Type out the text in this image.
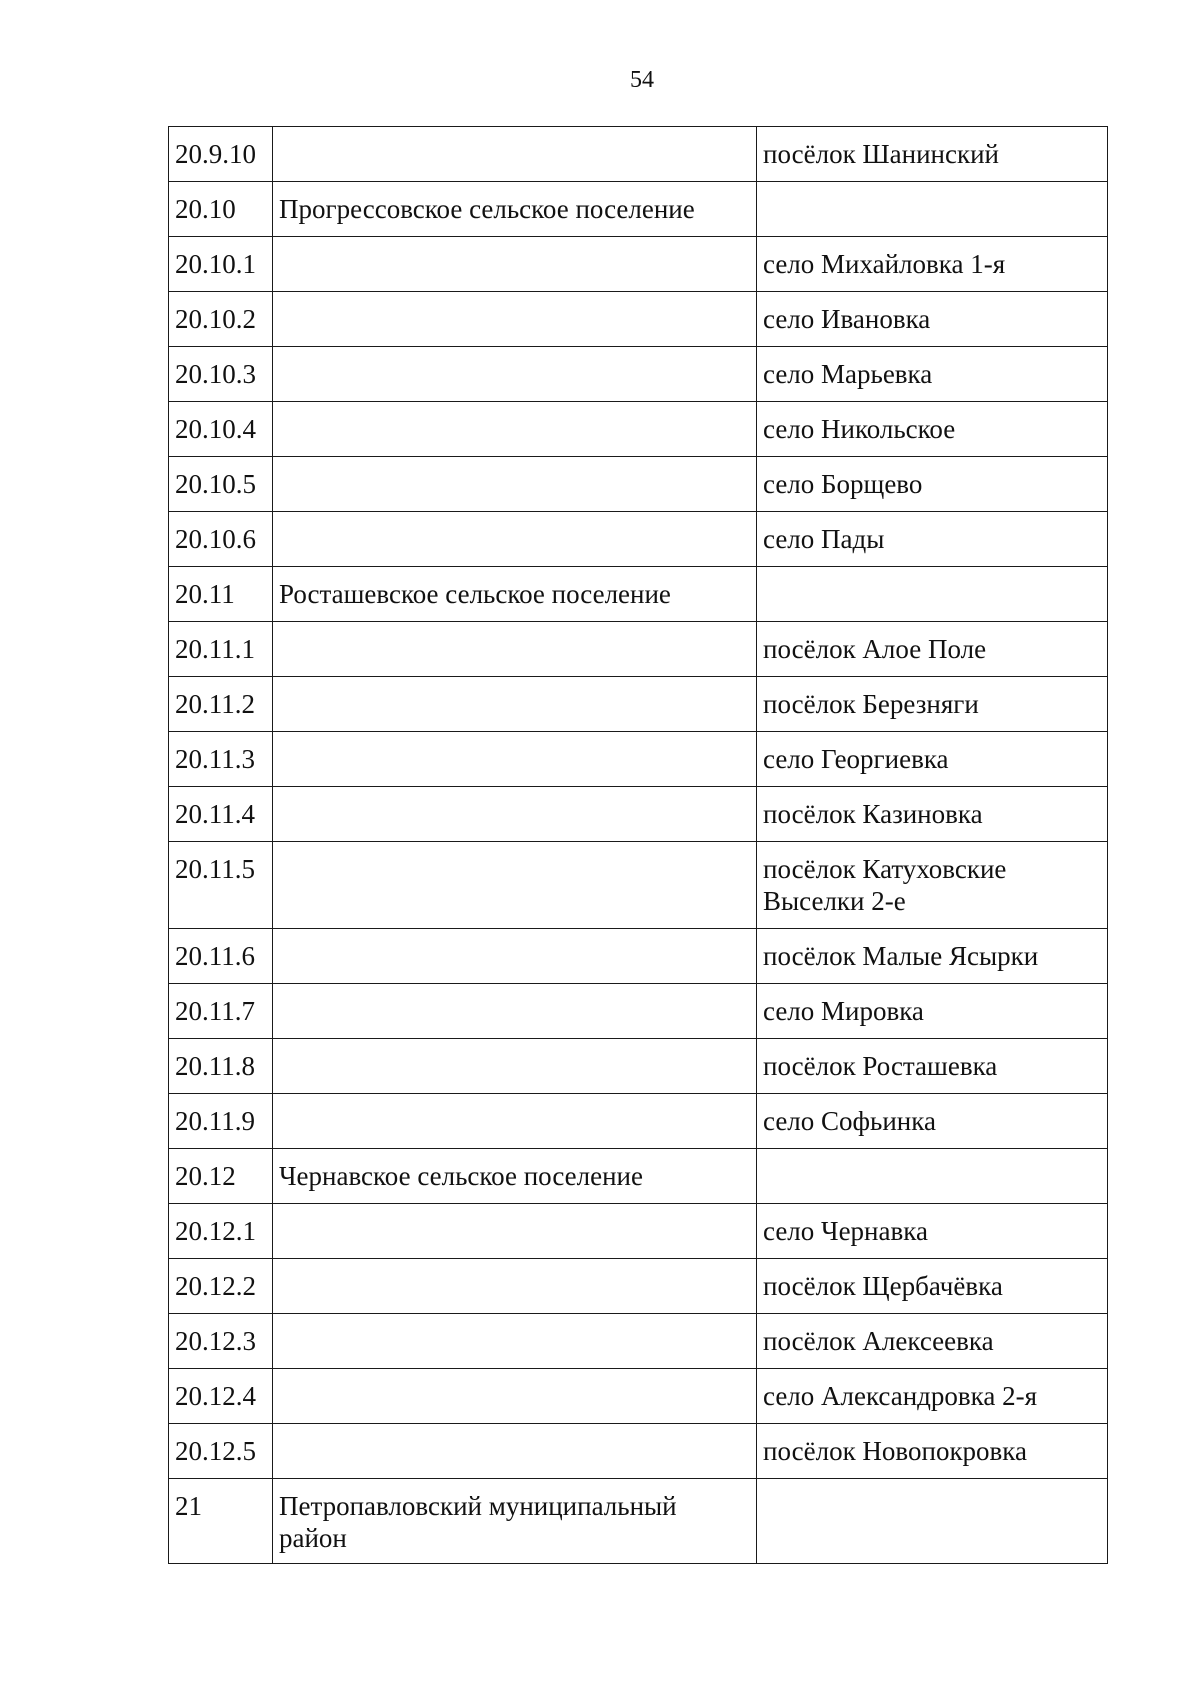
54
20.9.10		посёлок Шанинский
20.10	Прогрессовское сельское поселение	
20.10.1		село Михайловка 1-я
20.10.2		село Ивановка
20.10.3		село Марьевка
20.10.4		село Никольское
20.10.5		село Борщево
20.10.6		село Пады
20.11	Росташевское сельское поселение	
20.11.1		посёлок Алое Поле
20.11.2		посёлок Березняги
20.11.3		село Георгиевка
20.11.4		посёлок Казиновка
20.11.5		посёлок Катуховские Выселки 2-е
20.11.6		посёлок Малые Ясырки
20.11.7		село Мировка
20.11.8		посёлок Росташевка
20.11.9		село Софьинка
20.12	Чернавское сельское поселение	
20.12.1		село Чернавка
20.12.2		посёлок Щербачёвка
20.12.3		посёлок Алексеевка
20.12.4		село Александровка 2-я
20.12.5		посёлок Новопокровка
21	Петропавловский муниципальный район	
